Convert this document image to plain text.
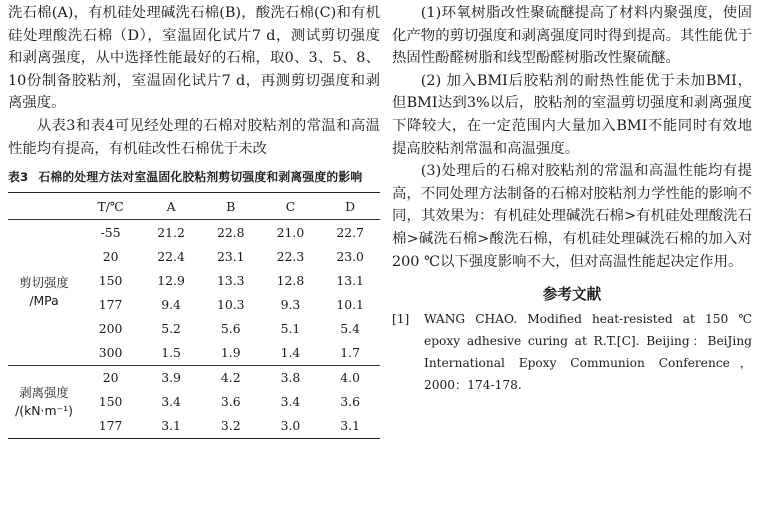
洗石棉(A)，有机硅处理碱洗石棉(B)，酸洗石棉(C)和有机硅处理酸洗石棉（D），室温固化试片7 d，测试剪切强度和剥离强度，从中选择性能最好的石棉，取0、3、5、8、10份制备胶粘剂，室温固化试片7 d，再测剪切强度和剥离强度。

从表3和表4可见经处理的石棉对胶粘剂的常温和高温性能均有提高，有机硅改性石棉优于未改

表3 石棉的处理方法对室温固化胶粘剂剪切强度和剥离强度的影响
	T/℃	A	B	C	D
剪切强度
/MPa	-55	21.2	22.8	21.0	22.7
	20	22.4	23.1	22.3	23.0
	150	12.9	13.3	12.8	13.1
	177	9.4	10.3	9.3	10.1
	200	5.2	5.6	5.1	5.4
	300	1.5	1.9	1.4	1.7
剥离强度
/(kN·m⁻¹)	20	3.9	4.2	3.8	4.0
	150	3.4	3.6	3.4	3.6
	177	3.1	3.2	3.0	3.1

(1)环氧树脂改性聚硫醚提高了材料内聚强度，使固化产物的剪切强度和剥离强度同时得到提高。其性能优于热固性酚醛树脂和线型酚醛树脂改性聚硫醚。

(2) 加入BMI后胶粘剂的耐热性能优于未加BMI，但BMI达到3%以后，胶粘剂的室温剪切强度和剥离强度下降较大，在一定范围内大量加入BMI不能同时有效地提高胶粘剂常温和高温强度。

(3)处理后的石棉对胶粘剂的常温和高温性能均有提高，不同处理方法制备的石棉对胶粘剂力学性能的影响不同，其效果为：有机硅处理碱洗石棉>有机硅处理酸洗石棉>碱洗石棉>酸洗石棉，有机硅处理碱洗石棉的加入对200 ℃以下强度影响不大，但对高温性能起决定作用。

参考文献
[1]	WANG CHAO. Modified heat-resisted at 150 ℃ epoxy adhesive curing at R.T.[C]. Beijing：BeiJing International Epoxy Communion Conference，2000：174-178.
